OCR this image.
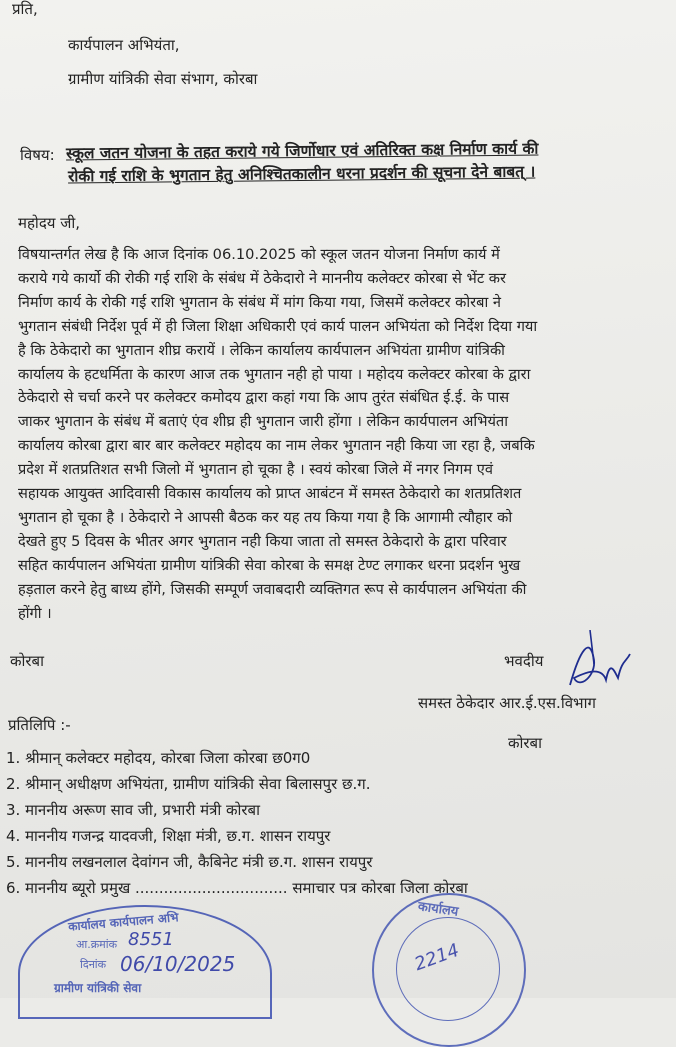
प्रति,
कार्यपालन अभियंता,
ग्रामीण यांत्रिकी सेवा संभाग, कोरबा
विषय: स्कूल जतन योजना के तहत कराये गये जिर्णोधार एवं अतिरिक्त कक्ष निर्माण कार्य की
रोकी गई राशि के भुगतान हेतु अनिश्चितकालीन धरना प्रदर्शन की सूचना देने बाबत् ।
महोदय जी,
विषयान्तर्गत लेख है कि आज दिनांक 06.10.2025 को स्कूल जतन योजना निर्माण कार्य में
कराये गये कार्यो की रोकी गई राशि के संबंध में ठेकेदारो ने माननीय कलेक्टर कोरबा से भेंट कर
निर्माण कार्य के रोकी गई राशि भुगतान के संबंध में मांग किया गया, जिसमें कलेक्टर कोरबा ने
भुगतान संबंधी निर्देश पूर्व में ही जिला शिक्षा अधिकारी एवं कार्य पालन अभियंता को निर्देश दिया गया
है कि ठेकेदारो का भुगतान शीघ्र करायें । लेकिन कार्यालय कार्यपालन अभियंता ग्रामीण यांत्रिकी
कार्यालय के हटधर्मिता के कारण आज तक भुगतान नही हो पाया । महोदय कलेक्टर कोरबा के द्वारा
ठेकेदारो से चर्चा करने पर कलेक्टर कमोदय द्वारा कहां गया कि आप तुरंत संबंधित ई.ई. के पास
जाकर भुगतान के संबंध में बताएं एंव शीघ्र ही भुगतान जारी होंगा । लेकिन कार्यपालन अभियंता
कार्यालय कोरबा द्वारा बार बार कलेक्टर महोदय का नाम लेकर भुगतान नही किया जा रहा है, जबकि
प्रदेश में शतप्रतिशत सभी जिलो में भुगतान हो चूका है । स्वयं कोरबा जिले में नगर निगम एवं
सहायक आयुक्त आदिवासी विकास कार्यालय को प्राप्त आबंटन में समस्त ठेकेदारो का शतप्रतिशत
भुगतान हो चूका है । ठेकेदारो ने आपसी बैठक कर यह तय किया गया है कि आगामी त्यौहार को
देखते हुए 5 दिवस के भीतर अगर भुगतान नही किया जाता तो समस्त ठेकेदारो के द्वारा परिवार
सहित कार्यपालन अभियंता ग्रामीण यांत्रिकी सेवा कोरबा के समक्ष टेण्ट लगाकर धरना प्रदर्शन भुख
हड़ताल करने हेतु बाध्य होंगे, जिसकी सम्पूर्ण जवाबदारी व्यक्तिगत रूप से कार्यपालन अभियंता की
होंगी ।
कोरबा	भवदीय
समस्त ठेकेदार आर.ई.एस.विभाग
कोरबा
प्रतिलिपि :-
1. श्रीमान् कलेक्टर महोदय, कोरबा जिला कोरबा छ0ग0
2. श्रीमान् अधीक्षण अभियंता, ग्रामीण यांत्रिकी सेवा बिलासपुर छ.ग.
3. माननीय अरूण साव जी, प्रभारी मंत्री कोरबा
4. माननीय गजन्द्र यादवजी, शिक्षा मंत्री, छ.ग. शासन रायपुर
5. माननीय लखनलाल देवांगन जी, कैबिनेट मंत्री छ.ग. शासन रायपुर
6. माननीय ब्यूरो प्रमुख ................................ समाचार पत्र कोरबा जिला कोरबा
कार्यालय कार्यपालन अभि
आ.क्रमांक 8551
दिनांक 06/10/2025
ग्रामीण यांत्रिकी सेवा
कार्यालय
2214
